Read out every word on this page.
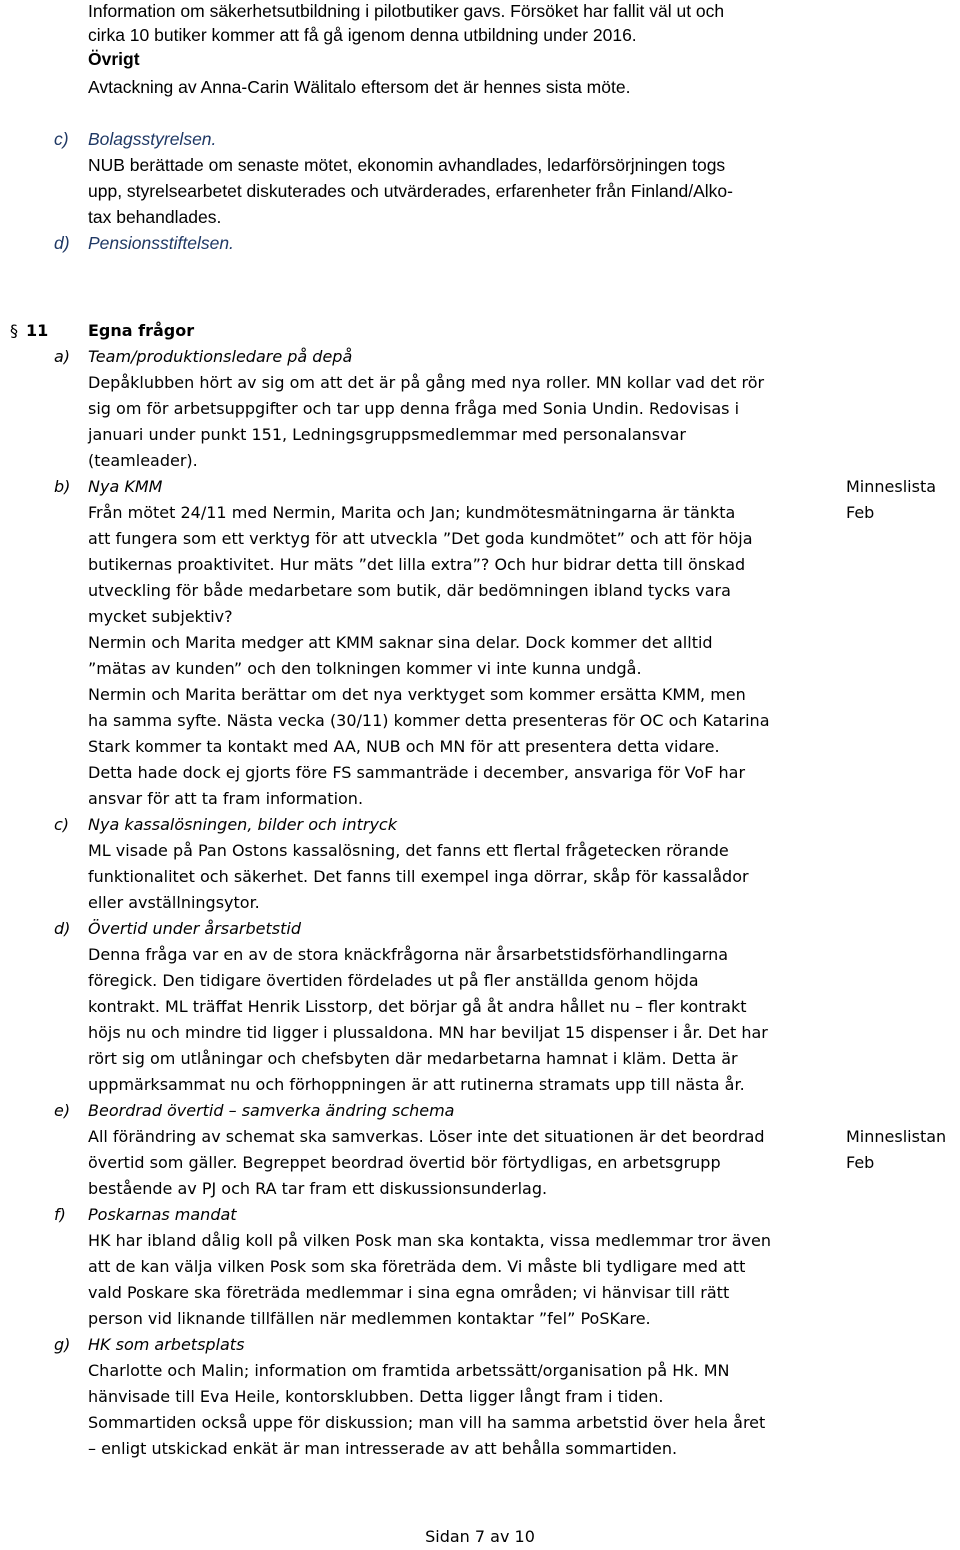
Information om säkerhetsutbildning i pilotbutiker gavs. Försöket har fallit väl ut och
cirka 10 butiker kommer att få gå igenom denna utbildning under 2016.
Övrigt
Avtackning av Anna-Carin Wälitalo eftersom det är hennes sista möte.
c) Bolagsstyrelsen.
NUB berättade om senaste mötet, ekonomin avhandlades, ledarförsörjningen togs
upp, styrelsearbetet diskuterades och utvärderades, erfarenheter från Finland/Alko-
tax behandlades.
d) Pensionsstiftelsen.
§ 11 Egna frågor
a) Team/produktionsledare på depå
Depåklubben hört av sig om att det är på gång med nya roller. MN kollar vad det rör
sig om för arbetsuppgifter och tar upp denna fråga med Sonia Undin. Redovisas i
januari under punkt 151, Ledningsgruppsmedlemmar med personalansvar
(teamleader).
b) Nya KMM
Från mötet 24/11 med Nermin, Marita och Jan; kundmötesmätningarna är tänkta
att fungera som ett verktyg för att utveckla ”Det goda kundmötet” och att för höja
butikernas proaktivitet. Hur mäts ”det lilla extra”? Och hur bidrar detta till önskad
utveckling för både medarbetare som butik, där bedömningen ibland tycks vara
mycket subjektiv?
Nermin och Marita medger att KMM saknar sina delar. Dock kommer det alltid
”mätas av kunden” och den tolkningen kommer vi inte kunna undgå.
Nermin och Marita berättar om det nya verktyget som kommer ersätta KMM, men
ha samma syfte. Nästa vecka (30/11) kommer detta presenteras för OC och Katarina
Stark kommer ta kontakt med AA, NUB och MN för att presentera detta vidare.
Detta hade dock ej gjorts före FS sammanträde i december, ansvariga för VoF har
ansvar för att ta fram information.
Minneslista
Feb
c) Nya kassalösningen, bilder och intryck
ML visade på Pan Ostons kassalösning, det fanns ett flertal frågetecken rörande
funktionalitet och säkerhet. Det fanns till exempel inga dörrar, skåp för kassalådor
eller avställningsytor.
d) Övertid under årsarbetstid
Denna fråga var en av de stora knäckfrågorna när årsarbetstidsförhandlingarna
föregick. Den tidigare övertiden fördelades ut på fler anställda genom höjda
kontrakt. ML träffat Henrik Lisstorp, det börjar gå åt andra hållet nu – fler kontrakt
höjs nu och mindre tid ligger i plussaldona. MN har beviljat 15 dispenser i år. Det har
rört sig om utlåningar och chefsbyten där medarbetarna hamnat i kläm. Detta är
uppmärksammat nu och förhoppningen är att rutinerna stramats upp till nästa år.
e) Beordrad övertid – samverka ändring schema
All förändring av schemat ska samverkas. Löser inte det situationen är det beordrad
övertid som gäller. Begreppet beordrad övertid bör förtydligas, en arbetsgrupp
bestående av PJ och RA tar fram ett diskussionsunderlag.
Minneslistan
Feb
f) Poskarnas mandat
HK har ibland dålig koll på vilken Posk man ska kontakta, vissa medlemmar tror även
att de kan välja vilken Posk som ska företräda dem. Vi måste bli tydligare med att
vald Poskare ska företräda medlemmar i sina egna områden; vi hänvisar till rätt
person vid liknande tillfällen när medlemmen kontaktar ”fel” PoSKare.
g) HK som arbetsplats
Charlotte och Malin; information om framtida arbetssätt/organisation på Hk. MN
hänvisade till Eva Heile, kontorsklubben. Detta ligger långt fram i tiden.
Sommartiden också uppe för diskussion; man vill ha samma arbetstid över hela året
– enligt utskickad enkät är man intresserade av att behålla sommartiden.
Sidan 7 av 10
